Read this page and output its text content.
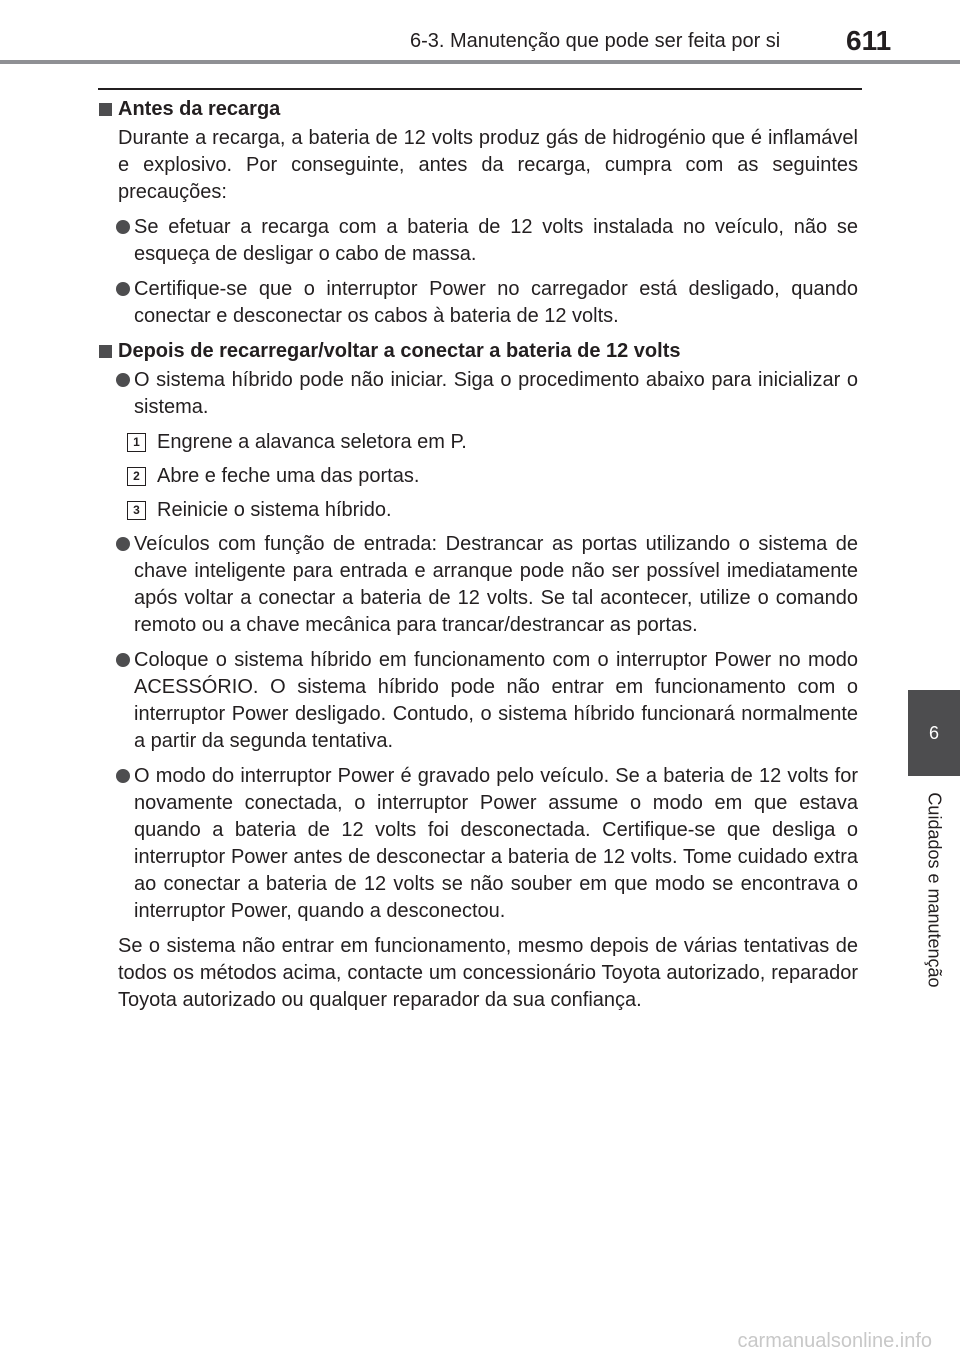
6-3. Manutenção que pode ser feita por si 611
6
Cuidados e manutenção
Antes da recarga
Durante a recarga, a bateria de 12 volts produz gás de hidrogénio que é inflamável e explosivo. Por conseguinte, antes da recarga, cumpra com as seguintes precauções:
Se efetuar a recarga com a bateria de 12 volts instalada no veículo, não se esqueça de desligar o cabo de massa.
Certifique-se que o interruptor Power no carregador está desligado, quando conectar e desconectar os cabos à bateria de 12 volts.
Depois de recarregar/voltar a conectar a bateria de 12 volts
O sistema híbrido pode não iniciar. Siga o procedimento abaixo para inicializar o sistema.
1 Engrene a alavanca seletora em P.
2 Abre e feche uma das portas.
3 Reinicie o sistema híbrido.
Veículos com função de entrada: Destrancar as portas utilizando o sistema de chave inteligente para entrada e arranque pode não ser possível imediatamente após voltar a conectar a bateria de 12 volts. Se tal acontecer, utilize o comando remoto ou a chave mecânica para trancar/destrancar as portas.
Coloque o sistema híbrido em funcionamento com o interruptor Power no modo ACESSÓRIO. O sistema híbrido pode não entrar em funcionamento com o interruptor Power desligado. Contudo, o sistema híbrido funcionará normalmente a partir da segunda tentativa.
O modo do interruptor Power é gravado pelo veículo. Se a bateria de 12 volts for novamente conectada, o interruptor Power assume o modo em que estava quando a bateria de 12 volts foi desconectada. Certifique-se que desliga o interruptor Power antes de desconectar a bateria de 12 volts. Tome cuidado extra ao conectar a bateria de 12 volts se não souber em que modo se encontrava o interruptor Power, quando a desconectou.
Se o sistema não entrar em funcionamento, mesmo depois de várias tentativas de todos os métodos acima, contacte um concessionário Toyota autorizado, reparador Toyota autorizado ou qualquer reparador da sua confiança.
carmanualsonline.info
